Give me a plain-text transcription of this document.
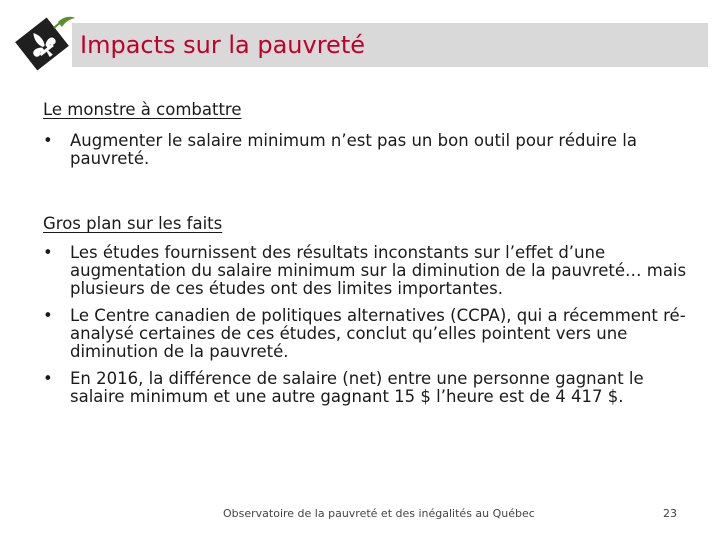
Impacts sur la pauvreté

Le monstre à combattre

• Augmenter le salaire minimum n’est pas un bon outil pour réduire la pauvreté.

Gros plan sur les faits

• Les études fournissent des résultats inconstants sur l’effet d’une augmentation du salaire minimum sur la diminution de la pauvreté… mais plusieurs de ces études ont des limites importantes.
• Le Centre canadien de politiques alternatives (CCPA), qui a récemment ré-analysé certaines de ces études, conclut qu’elles pointent vers une diminution de la pauvreté.
• En 2016, la différence de salaire (net) entre une personne gagnant le salaire minimum et une autre gagnant 15 $ l’heure est de 4 417 $.
Observatoire de la pauvreté et des inégalités au Québec	23
